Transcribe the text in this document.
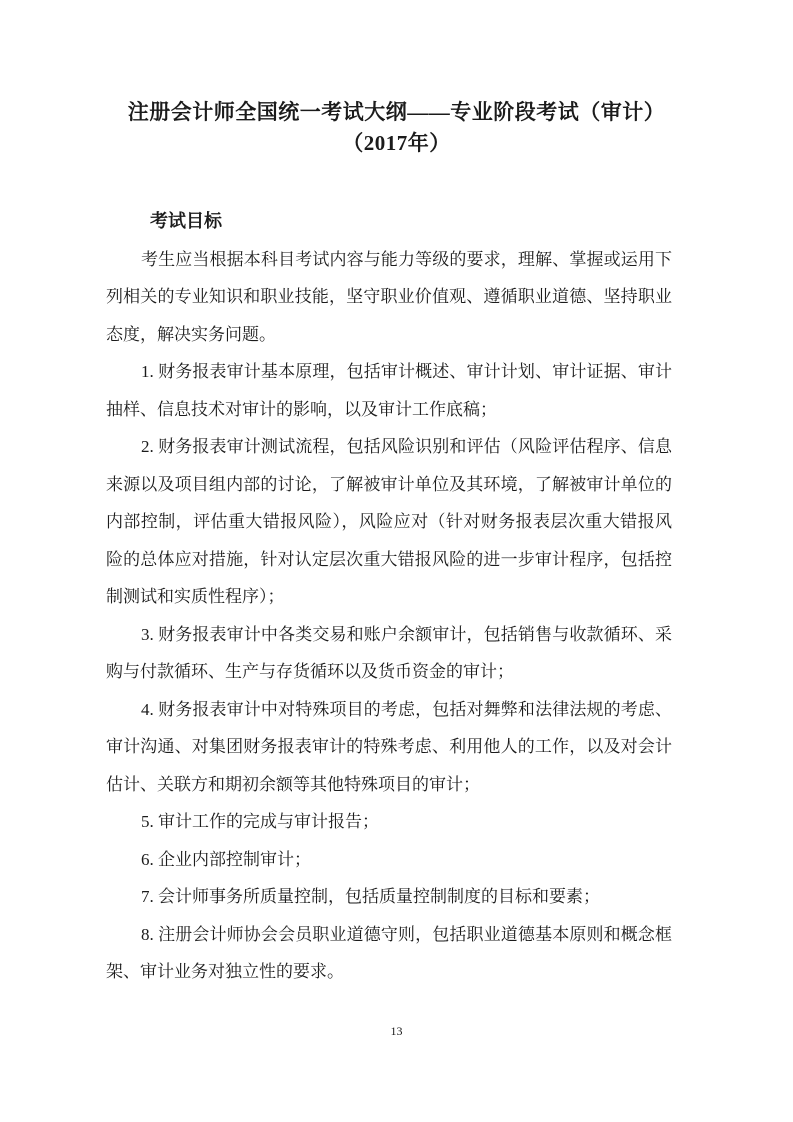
注册会计师全国统一考试大纲——专业阶段考试（审计）
（2017年）
考试目标

考生应当根据本科目考试内容与能力等级的要求，理解、掌握或运用下列相关的专业知识和职业技能，坚守职业价值观、遵循职业道德、坚持职业态度，解决实务问题。

1. 财务报表审计基本原理，包括审计概述、审计计划、审计证据、审计抽样、信息技术对审计的影响，以及审计工作底稿；

2. 财务报表审计测试流程，包括风险识别和评估（风险评估程序、信息来源以及项目组内部的讨论，了解被审计单位及其环境，了解被审计单位的内部控制，评估重大错报风险），风险应对（针对财务报表层次重大错报风险的总体应对措施，针对认定层次重大错报风险的进一步审计程序，包括控制测试和实质性程序）；

3. 财务报表审计中各类交易和账户余额审计，包括销售与收款循环、采购与付款循环、生产与存货循环以及货币资金的审计；

4. 财务报表审计中对特殊项目的考虑，包括对舞弊和法律法规的考虑、审计沟通、对集团财务报表审计的特殊考虑、利用他人的工作，以及对会计估计、关联方和期初余额等其他特殊项目的审计；

5. 审计工作的完成与审计报告；

6. 企业内部控制审计；

7. 会计师事务所质量控制，包括质量控制制度的目标和要素；

8. 注册会计师协会会员职业道德守则，包括职业道德基本原则和概念框架、审计业务对独立性的要求。

13
